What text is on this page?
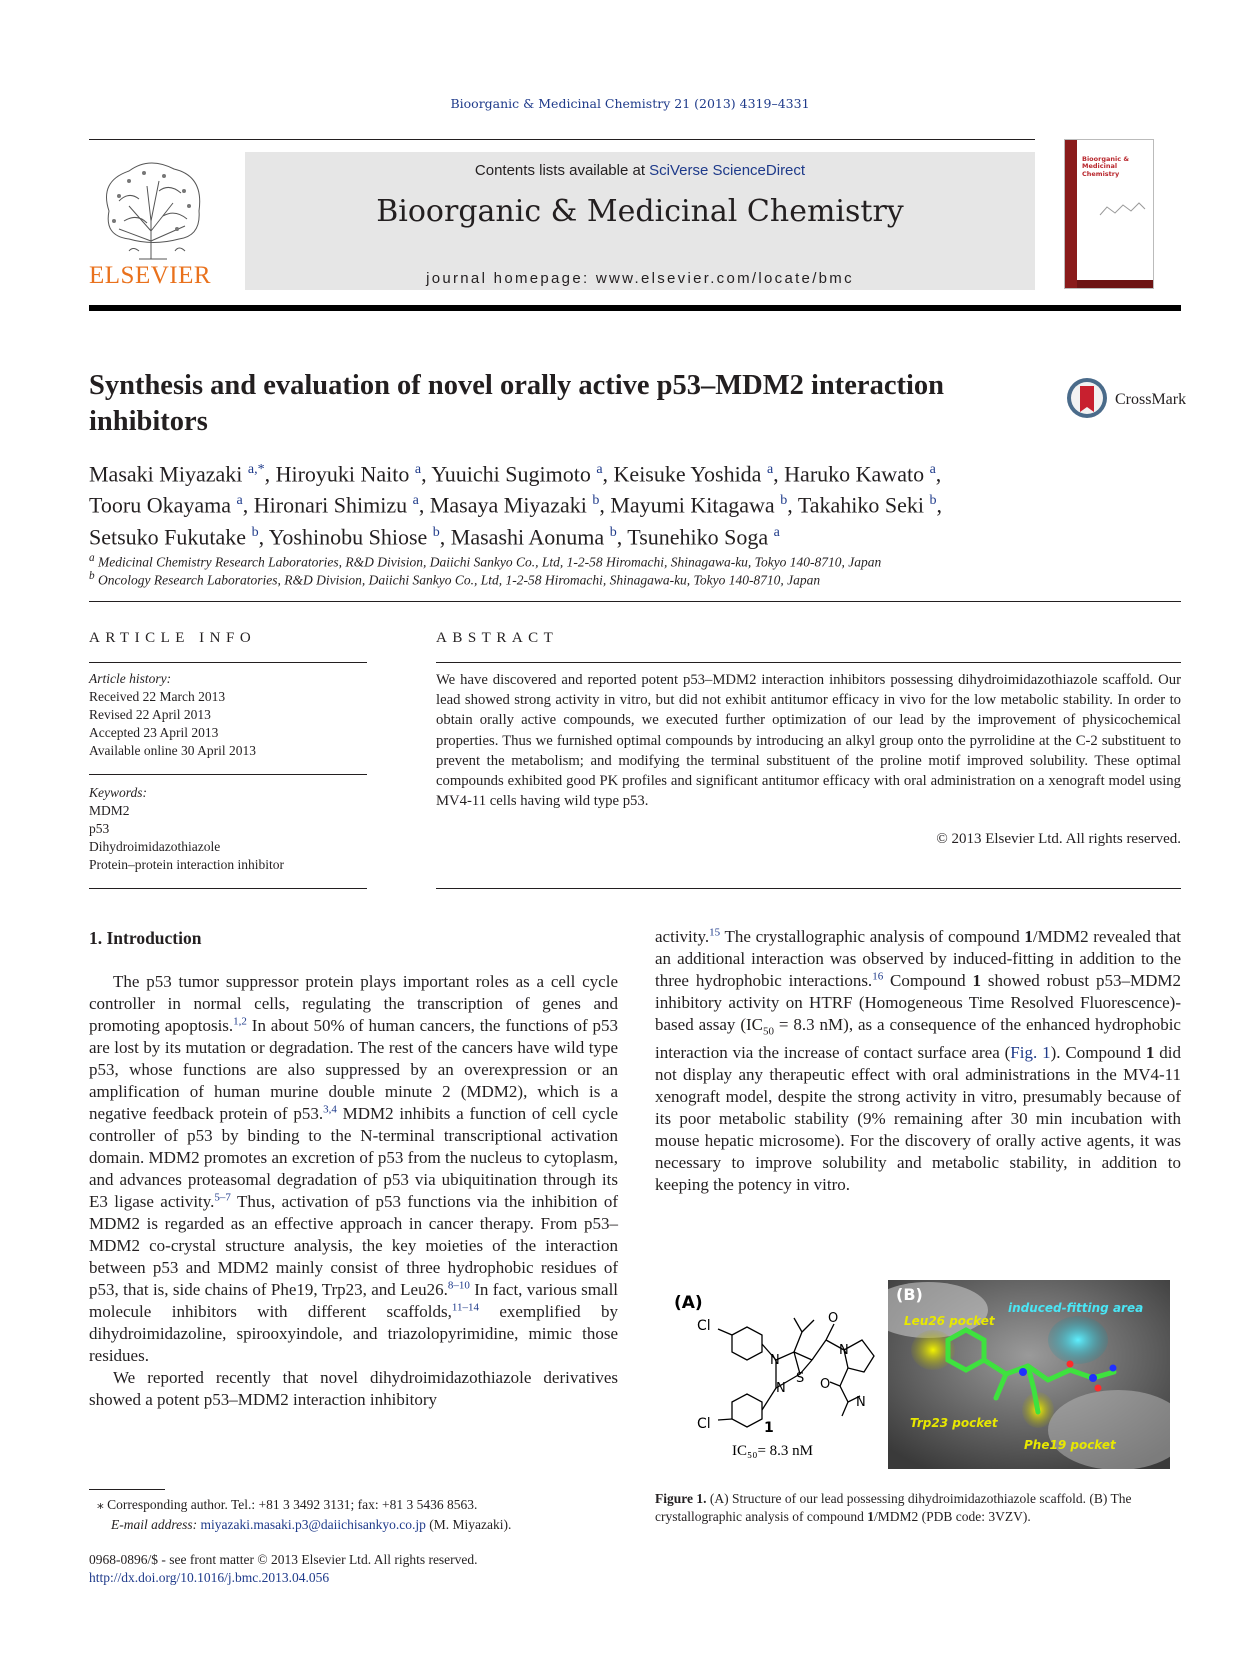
Bioorganic & Medicinal Chemistry 21 (2013) 4319–4331
ELSEVIER
Contents lists available at SciVerse ScienceDirect
Bioorganic & Medicinal Chemistry
journal homepage: www.elsevier.com/locate/bmc
Bioorganic & Medicinal Chemistry
Synthesis and evaluation of novel orally active p53–MDM2 interaction inhibitors
CrossMark
Masaki Miyazaki $^{a,*}$, Hiroyuki Naito $^a$, Yuuichi Sugimoto $^a$, Keisuke Yoshida $^a$, Haruko Kawato $^a$,
Tooru Okayama $^a$, Hironari Shimizu $^a$, Masaya Miyazaki $^b$, Mayumi Kitagawa $^b$, Takahiko Seki $^b$,
Setsuko Fukutake $^b$, Yoshinobu Shiose $^b$, Masashi Aonuma $^b$, Tsunehiko Soga $^a$
$^a$ Medicinal Chemistry Research Laboratories, R&D Division, Daiichi Sankyo Co., Ltd, 1-2-58 Hiromachi, Shinagawa-ku, Tokyo 140-8710, Japan
$^b$ Oncology Research Laboratories, R&D Division, Daiichi Sankyo Co., Ltd, 1-2-58 Hiromachi, Shinagawa-ku, Tokyo 140-8710, Japan
ARTICLE INFO	ABSTRACT
Article history:
Received 22 March 2013
Revised 22 April 2013
Accepted 23 April 2013
Available online 30 April 2013
Keywords:
MDM2
p53
Dihydroimidazothiazole
Protein–protein interaction inhibitor
We have discovered and reported potent p53–MDM2 interaction inhibitors possessing dihydroimidazothiazole scaffold. Our lead showed strong activity in vitro, but did not exhibit antitumor efficacy in vivo for the low metabolic stability. In order to obtain orally active compounds, we executed further optimization of our lead by the improvement of physicochemical properties. Thus we furnished optimal compounds by introducing an alkyl group onto the pyrrolidine at the C-2 substituent to prevent the metabolism; and modifying the terminal substituent of the proline motif improved solubility. These optimal compounds exhibited good PK profiles and significant antitumor efficacy with oral administration on a xenograft model using MV4-11 cells having wild type p53.
© 2013 Elsevier Ltd. All rights reserved.
1. Introduction

The p53 tumor suppressor protein plays important roles as a cell cycle controller in normal cells, regulating the transcription of genes and promoting apoptosis.$^{1,2}$ In about 50% of human cancers, the functions of p53 are lost by its mutation or degradation. The rest of the cancers have wild type p53, whose functions are also suppressed by an overexpression or an amplification of human murine double minute 2 (MDM2), which is a negative feedback protein of p53.$^{3,4}$ MDM2 inhibits a function of cell cycle controller of p53 by binding to the N-terminal transcriptional activation domain. MDM2 promotes an excretion of p53 from the nucleus to cytoplasm, and advances proteasomal degradation of p53 via ubiquitination through its E3 ligase activity.$^{5-7}$ Thus, activation of p53 functions via the inhibition of MDM2 is regarded as an effective approach in cancer therapy. From p53–MDM2 co-crystal structure analysis, the key moieties of the interaction between p53 and MDM2 mainly consist of three hydrophobic residues of p53, that is, side chains of Phe19, Trp23, and Leu26.$^{8-10}$ In fact, various small molecule inhibitors with different scaffolds,$^{11-14}$ exemplified by dihydroimidazoline, spirooxyindole, and triazolopyrimidine, mimic those residues.

We reported recently that novel dihydroimidazothiazole derivatives showed a potent p53–MDM2 interaction inhibitory

activity.$^{15}$ The crystallographic analysis of compound 1/MDM2 revealed that an additional interaction was observed by induced-fitting in addition to the three hydrophobic interactions.$^{16}$ Compound 1 showed robust p53–MDM2 inhibitory activity on HTRF (Homogeneous Time Resolved Fluorescence)-based assay ($IC_{50} = 8.3$ nM), as a consequence of the enhanced hydrophobic interaction via the increase of contact surface area (Fig. 1). Compound 1 did not display any therapeutic effect with oral administrations in the MV4-11 xenograft model, despite the strong activity in vitro, presumably because of its poor metabolic stability (9% remaining after 30 min incubation with mouse hepatic microsome). For the discovery of orally active agents, it was necessary to improve solubility and metabolic stability, in addition to keeping the potency in vitro.

(A)
Cl
Cl
N
N
S
O
N
O
N
1
IC₅₀= 8.3 nM
(B)
induced-fitting area
Leu26 pocket
Trp23 pocket
Phe19 pocket
Figure 1. (A) Structure of our lead possessing dihydroimidazothiazole scaffold. (B) The crystallographic analysis of compound 1/MDM2 (PDB code: 3VZV).
⁎ Corresponding author. Tel.: +81 3 3492 3131; fax: +81 3 5436 8563.
E-mail address: miyazaki.masaki.p3@daiichisankyo.co.jp (M. Miyazaki).
0968-0896/$ - see front matter © 2013 Elsevier Ltd. All rights reserved.
http://dx.doi.org/10.1016/j.bmc.2013.04.056
